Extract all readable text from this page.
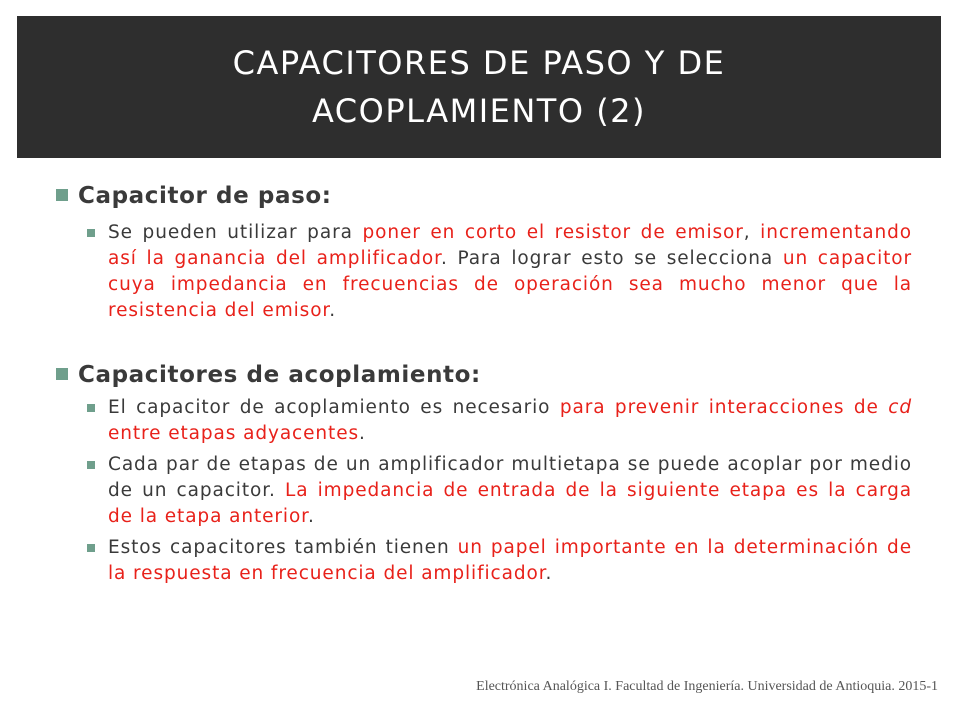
CAPACITORES DE PASO Y DE
ACOPLAMIENTO (2)
Capacitor de paso:
Se pueden utilizar para poner en corto el resistor de emisor, incrementando así la ganancia del amplificador. Para lograr esto se selecciona un capacitor cuya impedancia en frecuencias de operación sea mucho menor que la resistencia del emisor.
Capacitores de acoplamiento:
El capacitor de acoplamiento es necesario para prevenir interacciones de cd entre etapas adyacentes.
Cada par de etapas de un amplificador multietapa se puede acoplar por medio de un capacitor. La impedancia de entrada de la siguiente etapa es la carga de la etapa anterior.
Estos capacitores también tienen un papel importante en la determinación de la respuesta en frecuencia del amplificador.
Electrónica Analógica I. Facultad de Ingeniería. Universidad de Antioquia. 2015-1
